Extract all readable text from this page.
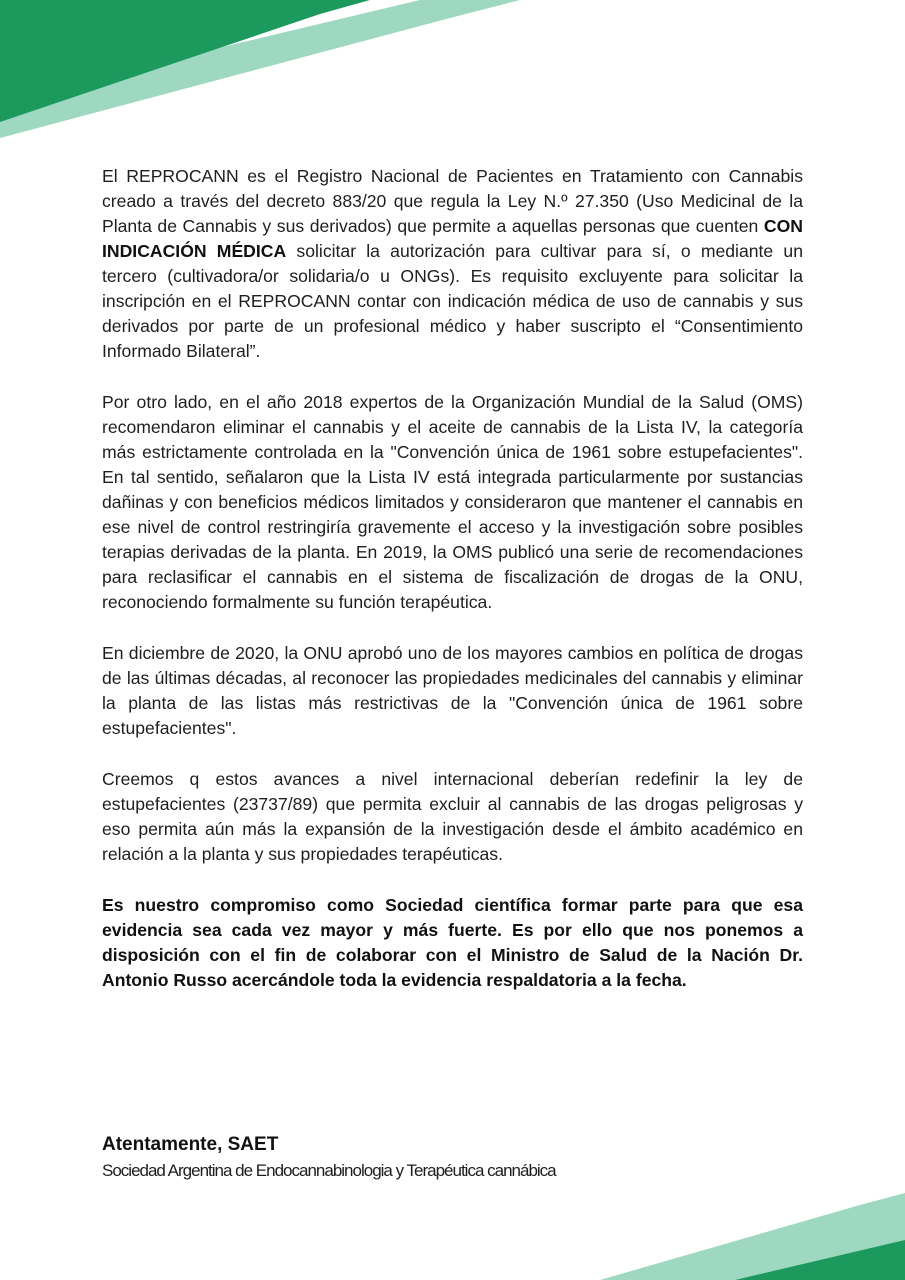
El REPROCANN es el Registro Nacional de Pacientes en Tratamiento con Cannabis creado a través del decreto 883/20 que regula la Ley N.º 27.350 (Uso Medicinal de la Planta de Cannabis y sus derivados) que permite a aquellas personas que cuenten CON INDICACIÓN MÉDICA solicitar la autorización para cultivar para sí, o mediante un tercero (cultivadora/or solidaria/o u ONGs). Es requisito excluyente para solicitar la inscripción en el REPROCANN contar con indicación médica de uso de cannabis y sus derivados por parte de un profesional médico y haber suscripto el “Consentimiento Informado Bilateral”.

Por otro lado, en el año 2018 expertos de la Organización Mundial de la Salud (OMS) recomendaron eliminar el cannabis y el aceite de cannabis de la Lista IV, la categoría más estrictamente controlada en la "Convención única de 1961 sobre estupefacientes". En tal sentido, señalaron que la Lista IV está integrada particularmente por sustancias dañinas y con beneficios médicos limitados y consideraron que mantener el cannabis en ese nivel de control restringiría gravemente el acceso y la investigación sobre posibles terapias derivadas de la planta. En 2019, la OMS publicó una serie de recomendaciones para reclasificar el cannabis en el sistema de fiscalización de drogas de la ONU, reconociendo formalmente su función terapéutica.

En diciembre de 2020, la ONU aprobó uno de los mayores cambios en política de drogas de las últimas décadas, al reconocer las propiedades medicinales del cannabis y eliminar la planta de las listas más restrictivas de la "Convención única de 1961 sobre estupefacientes".

Creemos q estos avances a nivel internacional deberían redefinir la ley de estupefacientes (23737/89) que permita excluir al cannabis de las drogas peligrosas y eso permita aún más la expansión de la investigación desde el ámbito académico en relación a la planta y sus propiedades terapéuticas.

Es nuestro compromiso como Sociedad científica formar parte para que esa evidencia sea cada vez mayor y más fuerte. Es por ello que nos ponemos a disposición con el fin de colaborar con el Ministro de Salud de la Nación Dr. Antonio Russo acercándole toda la evidencia respaldatoria a la fecha.

Atentamente, SAET
Sociedad Argentina de Endocannabinologia y Terapéutica cannábica
